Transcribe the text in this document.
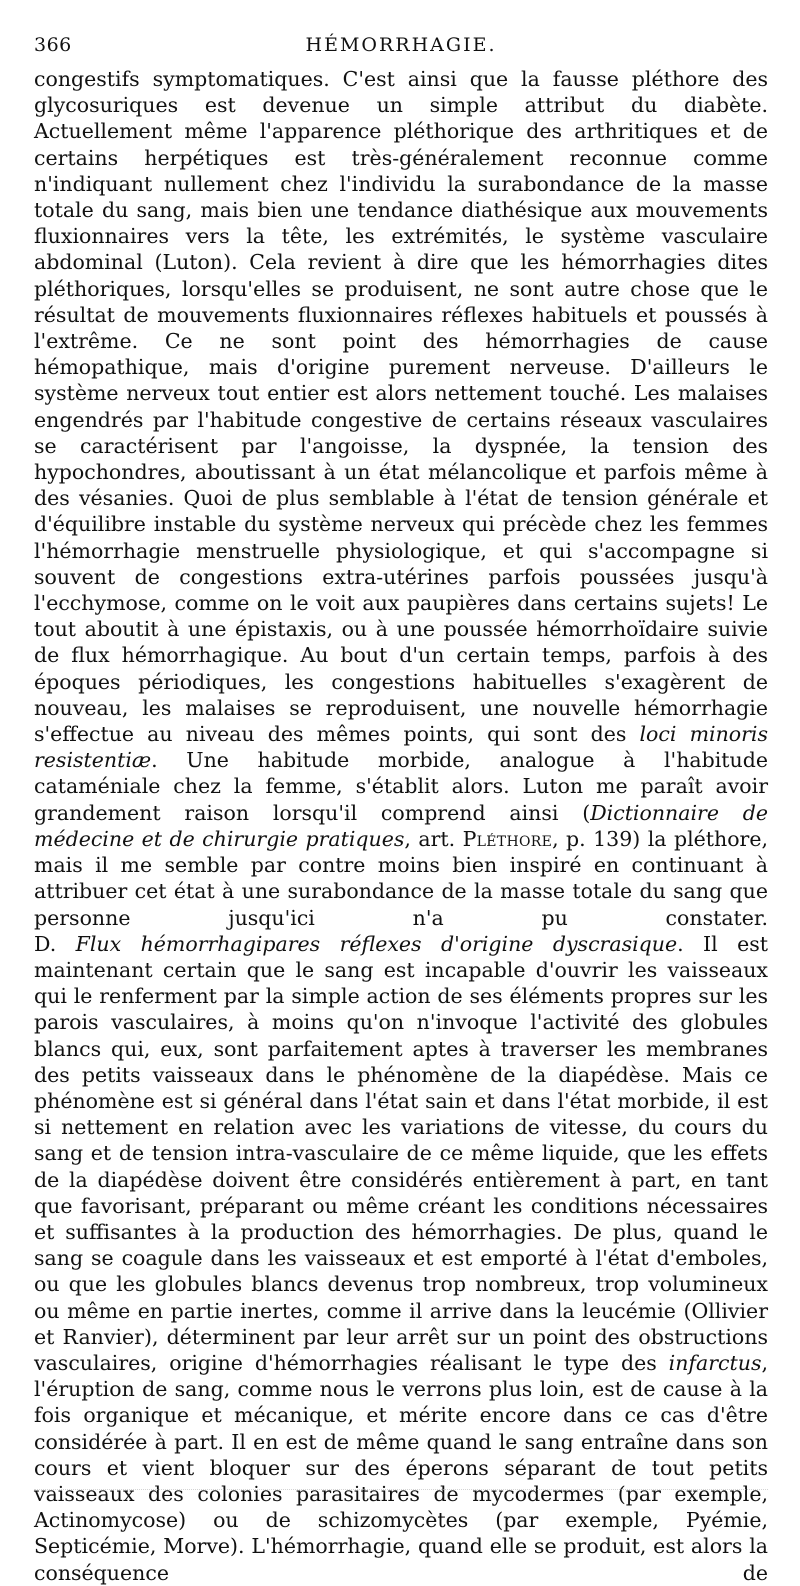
366	HÉMORRHAGIE.

congestifs symptomatiques. C'est ainsi que la fausse pléthore des glycosuriques est devenue un simple attribut du diabète. Actuellement même l'apparence pléthorique des arthritiques et de certains herpétiques est très-généralement reconnue comme n'indiquant nullement chez l'individu la surabondance de la masse totale du sang, mais bien une tendance diathésique aux mouvements fluxionnaires vers la tête, les extrémités, le système vasculaire abdominal (Luton). Cela revient à dire que les hémorrhagies dites pléthoriques, lorsqu'elles se produisent, ne sont autre chose que le résultat de mouvements fluxionnaires réflexes habituels et poussés à l'extrême. Ce ne sont point des hémorrhagies de cause hémopathique, mais d'origine purement nerveuse. D'ailleurs le système nerveux tout entier est alors nettement touché. Les malaises engendrés par l'habitude congestive de certains réseaux vasculaires se caractérisent par l'angoisse, la dyspnée, la tension des hypochondres, aboutissant à un état mélancolique et parfois même à des vésanies. Quoi de plus semblable à l'état de tension générale et d'équilibre instable du système nerveux qui précède chez les femmes l'hémorrhagie menstruelle physiologique, et qui s'accompagne si souvent de congestions extra-utérines parfois poussées jusqu'à l'ecchymose, comme on le voit aux paupières dans certains sujets! Le tout aboutit à une épistaxis, ou à une poussée hémorrhoïdaire suivie de flux hémorrhagique. Au bout d'un certain temps, parfois à des époques périodiques, les congestions habituelles s'exagèrent de nouveau, les malaises se reproduisent, une nouvelle hémorrhagie s'effectue au niveau des mêmes points, qui sont des loci minoris resistentiæ. Une habitude morbide, analogue à l'habitude cataméniale chez la femme, s'établit alors. Luton me paraît avoir grandement raison lorsqu'il comprend ainsi (Dictionnaire de médecine et de chirurgie pratiques, art. Pléthore, p. 139) la pléthore, mais il me semble par contre moins bien inspiré en continuant à attribuer cet état à une surabondance de la masse totale du sang que personne jusqu'ici n'a pu constater.

D. Flux hémorrhagipares réflexes d'origine dyscrasique. Il est maintenant certain que le sang est incapable d'ouvrir les vaisseaux qui le renferment par la simple action de ses éléments propres sur les parois vasculaires, à moins qu'on n'invoque l'activité des globules blancs qui, eux, sont parfaitement aptes à traverser les membranes des petits vaisseaux dans le phénomène de la diapédèse. Mais ce phénomène est si général dans l'état sain et dans l'état morbide, il est si nettement en relation avec les variations de vitesse, du cours du sang et de tension intra-vasculaire de ce même liquide, que les effets de la diapédèse doivent être considérés entièrement à part, en tant que favorisant, préparant ou même créant les conditions nécessaires et suffisantes à la production des hémorrhagies. De plus, quand le sang se coagule dans les vaisseaux et est emporté à l'état d'emboles, ou que les globules blancs devenus trop nombreux, trop volumineux ou même en partie inertes, comme il arrive dans la leucémie (Ollivier et Ranvier), déterminent par leur arrêt sur un point des obstructions vasculaires, origine d'hémorrhagies réalisant le type des infarctus, l'éruption de sang, comme nous le verrons plus loin, est de cause à la fois organique et mécanique, et mérite encore dans ce cas d'être considérée à part. Il en est de même quand le sang entraîne dans son cours et vient bloquer sur des éperons séparant de tout petits vaisseaux des colonies parasitaires de mycodermes (par exemple, Actinomycose) ou de schizomycètes (par exemple, Pyémie, Septicémie, Morve). L'hémorrhagie, quand elle se produit, est alors la conséquence de
